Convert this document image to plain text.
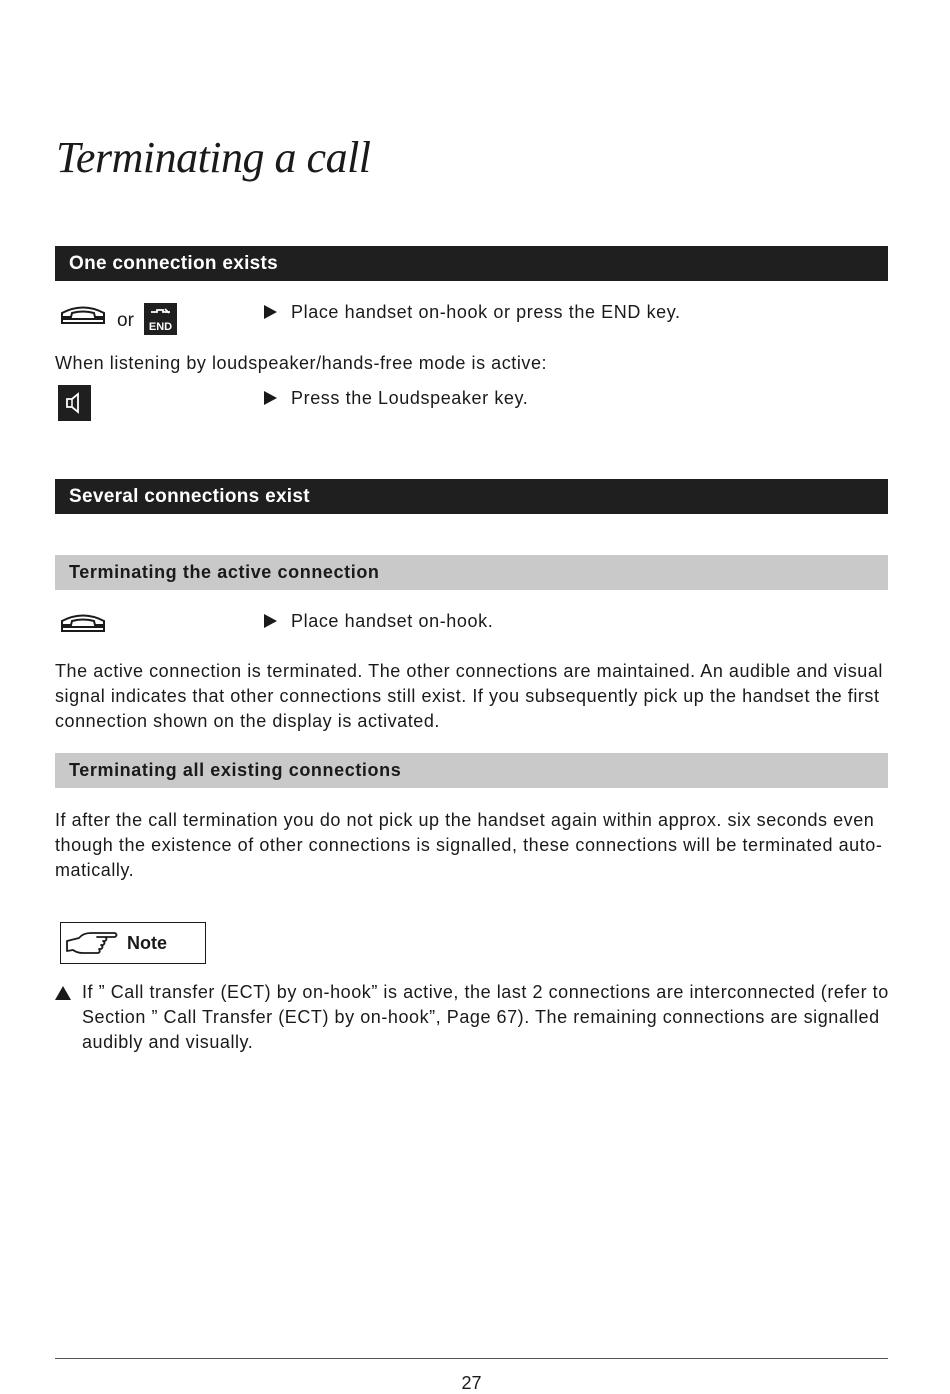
Terminating a call
One connection exists
or	END
Place handset on-hook or press the END key.
When listening by loudspeaker/hands-free mode is active:
Press the Loudspeaker key.
Several connections exist
Terminating the active connection
Place handset on-hook.
The active connection is terminated. The other connections are maintained. An audible and visual signal indicates that other connections still exist. If you subsequently pick up the handset the first connection shown on the display is activated.
Terminating all existing connections
If after the call termination you do not pick up the handset again within approx. six seconds even though the existence of other connections is signalled, these connections will be terminated auto-matically.
Note
If ” Call transfer (ECT) by on-hook” is active, the last 2 connections are interconnected (refer to Section ” Call Transfer (ECT) by on-hook”, Page 67). The remaining connections are signalled audibly and visually.
27
